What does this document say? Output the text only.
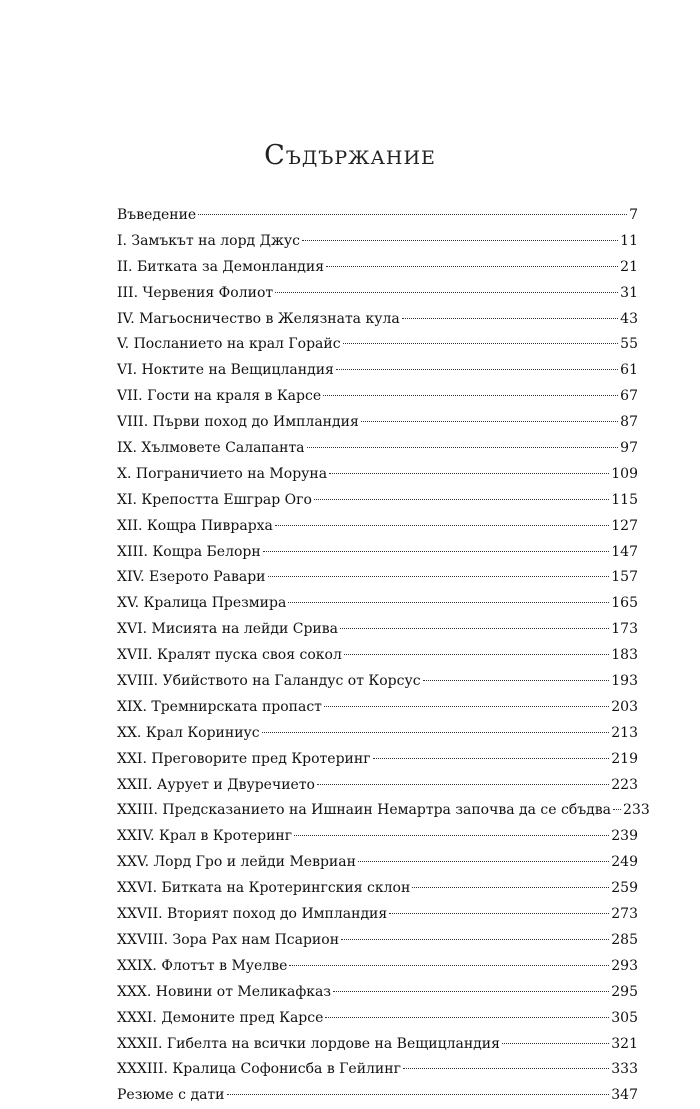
Съдържание
Въведение	7
I. Замъкът на лорд Джус	11
II. Битката за Демонландия	21
III. Червения Фолиот	31
IV. Магьосничество в Желязната кула	43
V. Посланието на крал Горайс	55
VI. Ноктите на Вещицландия	61
VII. Гости на краля в Карсе	67
VIII. Първи поход до Импландия	87
IX. Хълмовете Салапанта	97
X. Пограничието на Моруна	109
XI. Крепостта Ешграр Ого	115
XII. Кощра Пиврарха	127
XIII. Кощра Белорн	147
XIV. Езерото Равари	157
XV. Кралица Презмира	165
XVI. Мисията на лейди Срива	173
XVII. Кралят пуска своя сокол	183
XVIII. Убийството на Галандус от Корсус	193
XIX. Тремнирската пропаст	203
XX. Крал Кориниус	213
XXI. Преговорите пред Кротеринг	219
XXII. Аурует и Двуречието	223
XXIII. Предсказанието на Ишнаин Немартра започва да се сбъдва 233
XXIV. Крал в Кротеринг	239
XXV. Лорд Гро и лейди Мевриан	249
XXVI. Битката на Кротерингския склон	259
XXVII. Вторият поход до Импландия	273
XXVIII. Зора Рах нам Псарион	285
XXIX. Флотът в Муелве	293
XXX. Новини от Меликафказ	295
XXXI. Демоните пред Карсе	305
XXXII. Гибелта на всички лордове на Вещицландия	321
XXXIII. Кралица Софонисба в Гейлинг	333
Резюме с дати	347
